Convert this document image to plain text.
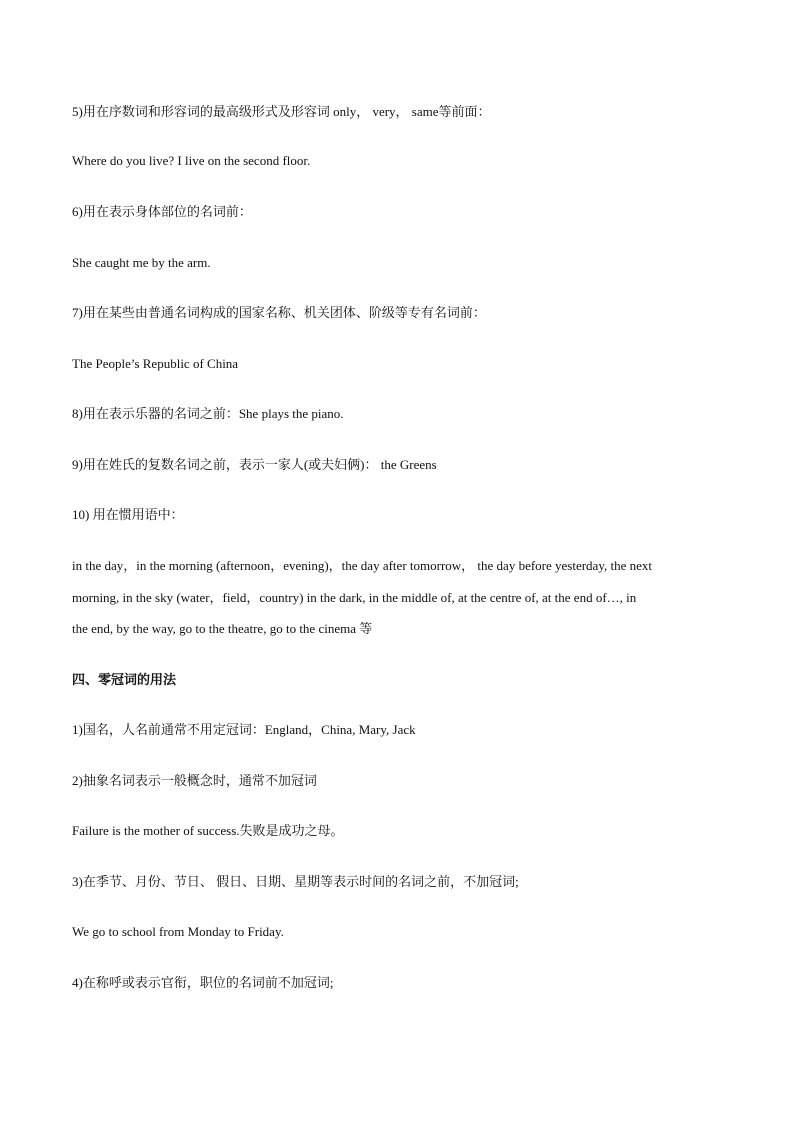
5)用在序数词和形容词的最高级形式及形容词 only， very， same等前面：
Where do you live? I live on the second floor.
6)用在表示身体部位的名词前：
She caught me by the arm.
7)用在某些由普通名词构成的国家名称、机关团体、阶级等专有名词前：
The People’s Republic of China
8)用在表示乐器的名词之前：She plays the piano.
9)用在姓氏的复数名词之前，表示一家人(或夫妇俩)： the Greens
10) 用在惯用语中：
in the day，in the morning (afternoon，evening)，the day after tomorrow， the day before yesterday, the next
morning, in the sky (water，field，country) in the dark, in the middle of, at the centre of, at the end of…, in
the end, by the way, go to the theatre, go to the cinema 等
四、零冠词的用法
1)国名，人名前通常不用定冠词：England，China, Mary, Jack
2)抽象名词表示一般概念时，通常不加冠词
Failure is the mother of success.失败是成功之母。
3)在季节、月份、节日、 假日、日期、星期等表示时间的名词之前，不加冠词;
We go to school from Monday to Friday.
4)在称呼或表示官衔，职位的名词前不加冠词;
